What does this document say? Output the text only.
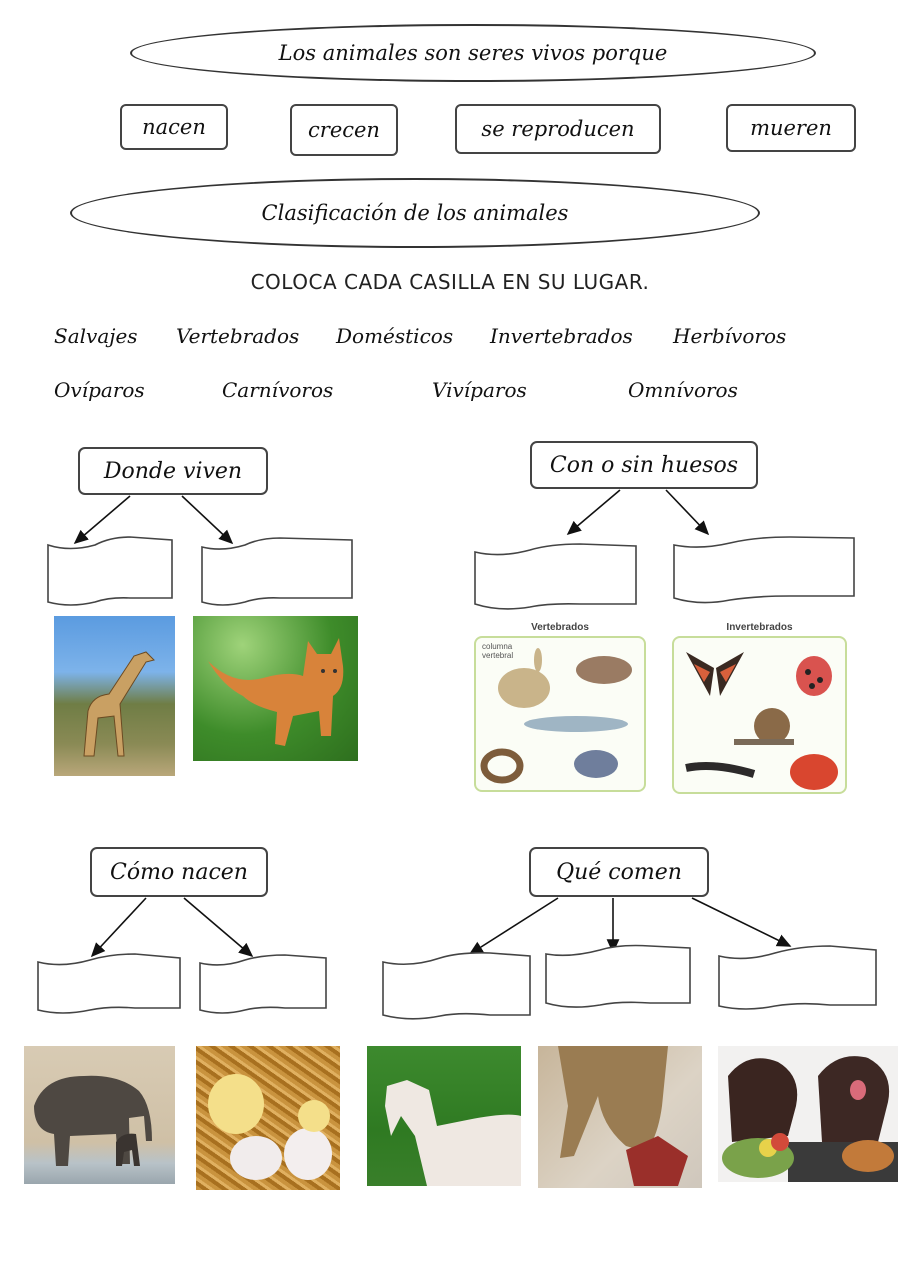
Los animales son seres vivos porque
nacen	crecen	se reproducen	mueren
Clasificación de los animales
COLOCA CADA CASILLA EN SU LUGAR.
Salvajes Vertebrados Domésticos Invertebrados Herbívoros
Ovíparos	Carnívoros	Vivíparos	Omnívoros
Donde viven	Con o sin huesos
Cómo nacen	Qué comen
Vertebrados
columna vertebral
Invertebrados
